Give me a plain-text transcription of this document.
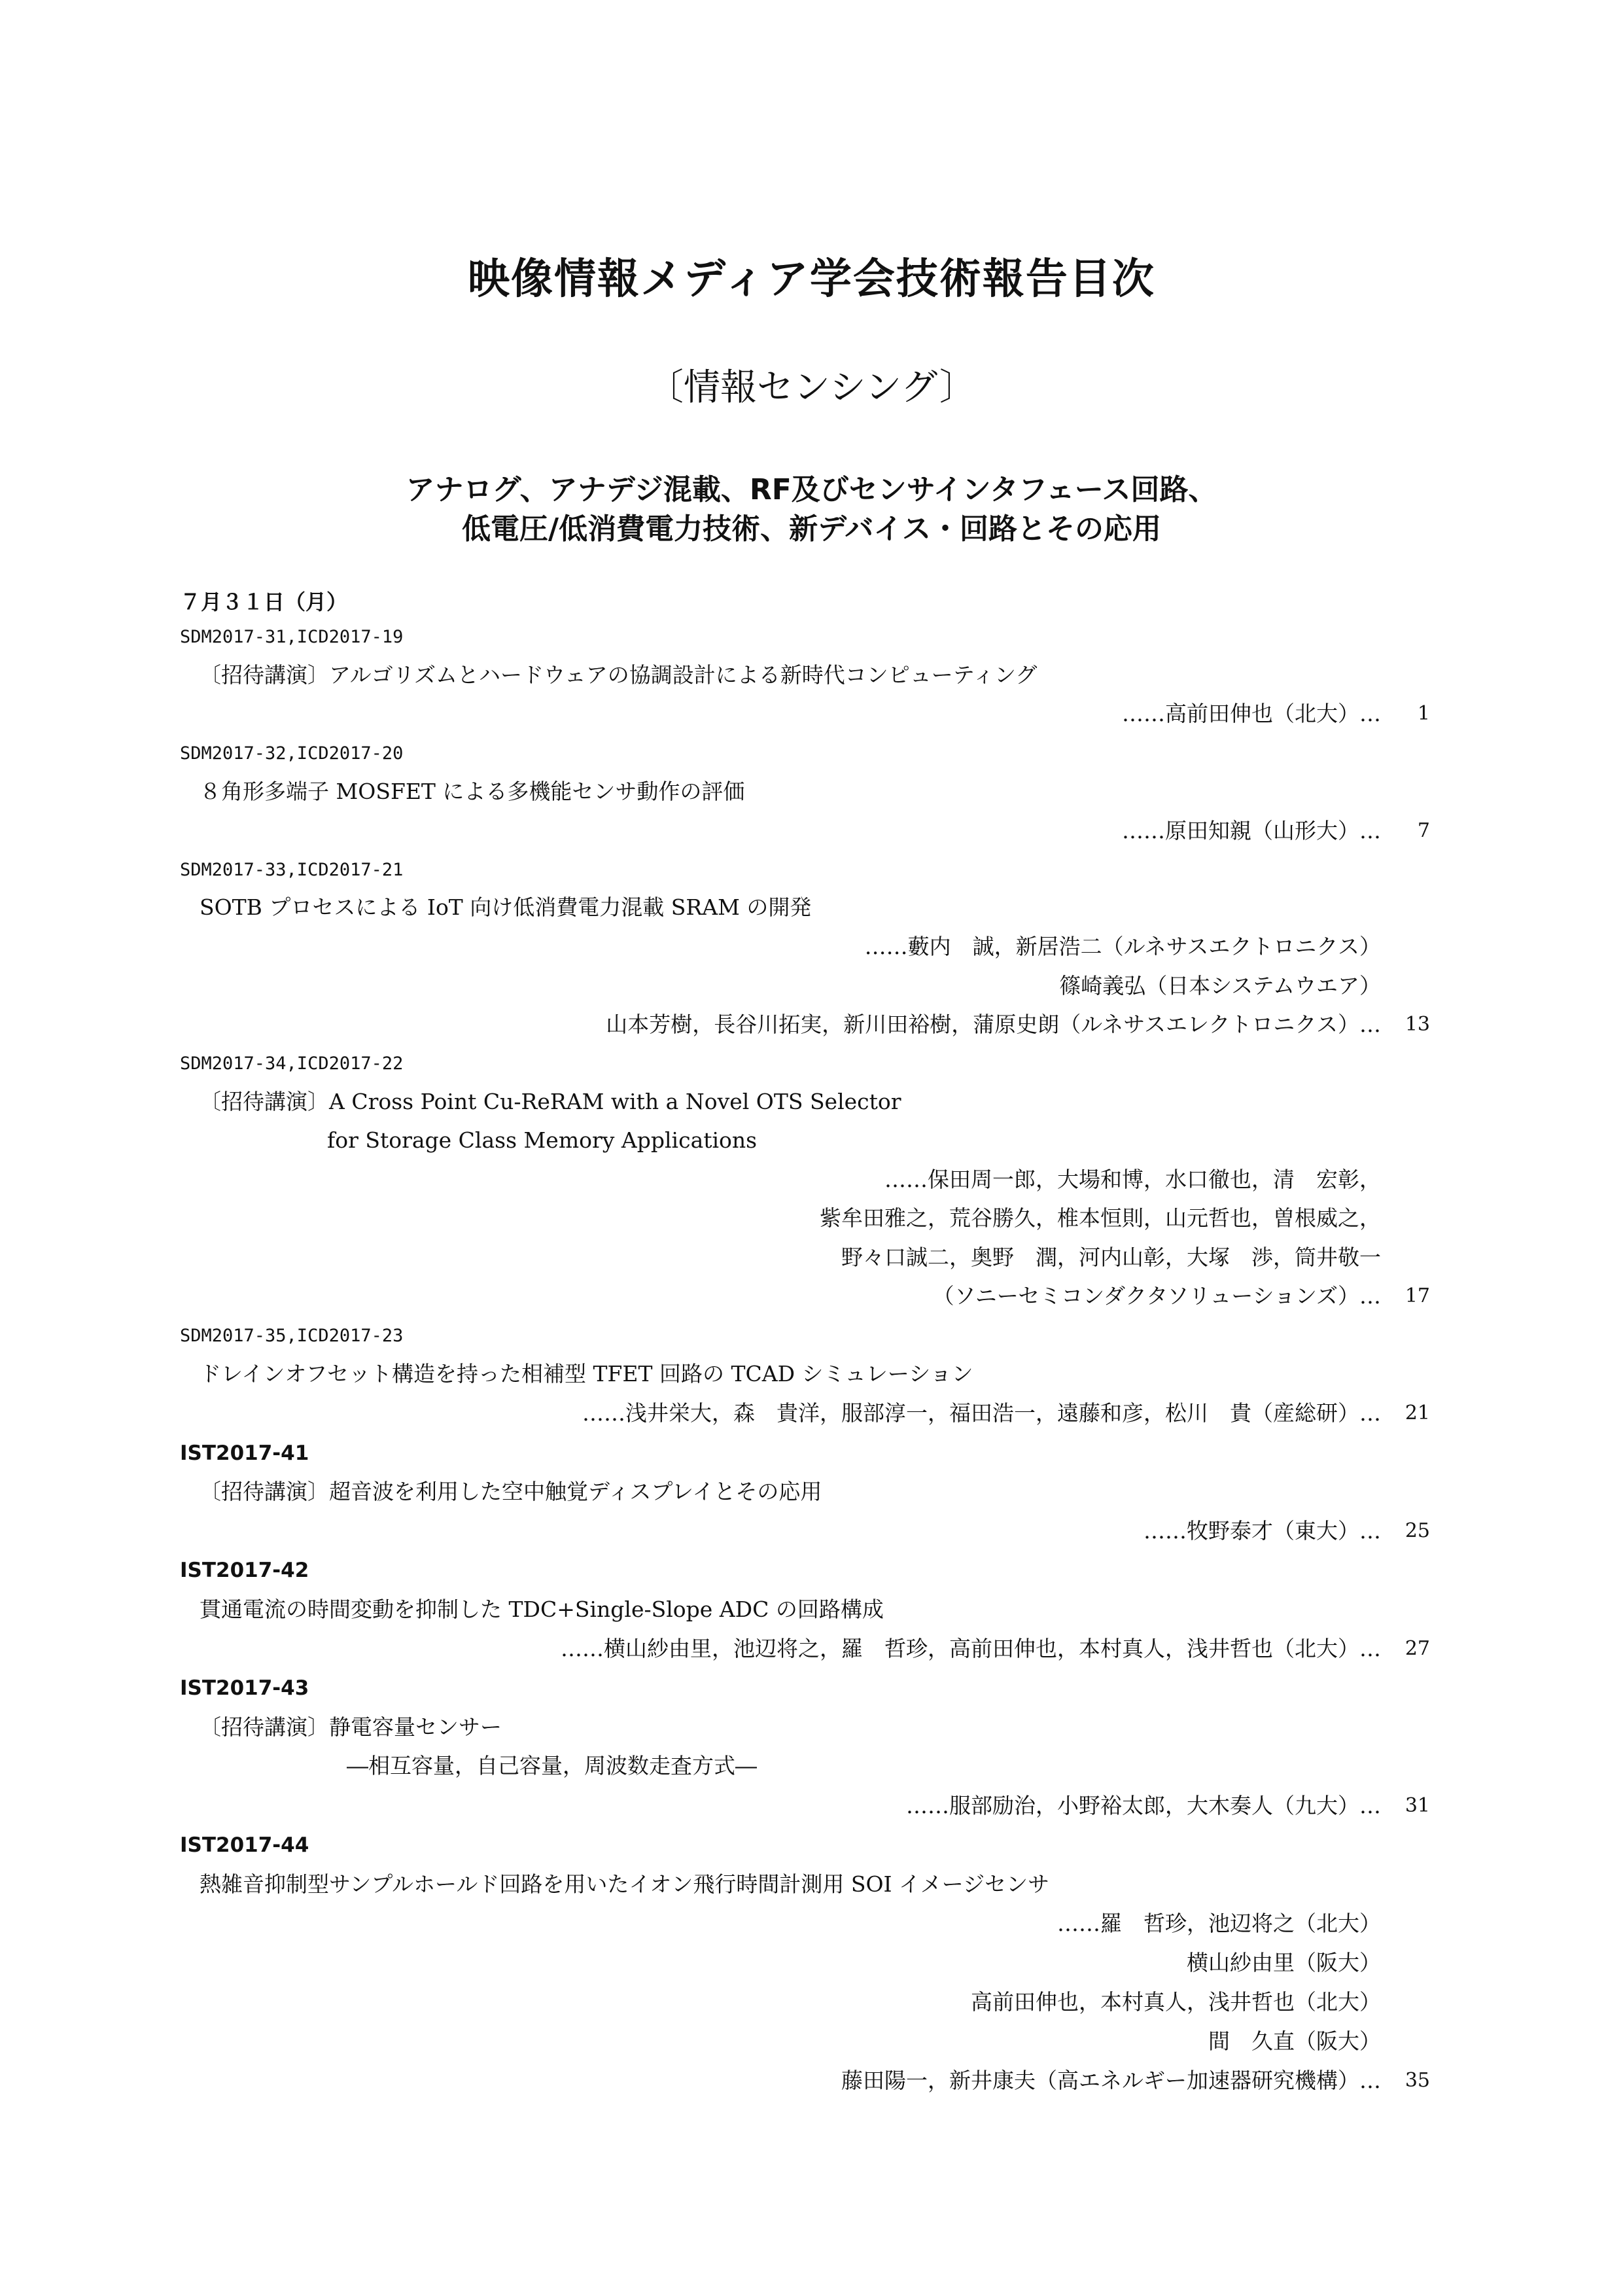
映像情報メディア学会技術報告目次
〔情報センシング〕
アナログ、アナデジ混載、RF及びセンサインタフェース回路、
低電圧/低消費電力技術、新デバイス・回路とその応用
７月３１日（月）
SDM2017-31,ICD2017-19
〔招待講演〕アルゴリズムとハードウェアの協調設計による新時代コンピューティング
……高前田伸也（北大）…	1
SDM2017-32,ICD2017-20
８角形多端子 MOSFET による多機能センサ動作の評価
……原田知親（山形大）…	7
SDM2017-33,ICD2017-21
SOTB プロセスによる IoT 向け低消費電力混載 SRAM の開発
……藪内　誠，新居浩二（ルネサスエクトロニクス）
篠崎義弘（日本システムウエア）
山本芳樹，長谷川拓実，新川田裕樹，蒲原史朗（ルネサスエレクトロニクス）…	13
SDM2017-34,ICD2017-22
〔招待講演〕A Cross Point Cu-ReRAM with a Novel OTS Selector
for Storage Class Memory Applications
……保田周一郎，大場和博，水口徹也，清　宏彰，
紫牟田雅之，荒谷勝久，椎本恒則，山元哲也，曽根威之，
野々口誠二，奥野　潤，河内山彰，大塚　渉，筒井敬一
（ソニーセミコンダクタソリューションズ）…	17
SDM2017-35,ICD2017-23
ドレインオフセット構造を持った相補型 TFET 回路の TCAD シミュレーション
……浅井栄大，森　貴洋，服部淳一，福田浩一，遠藤和彦，松川　貴（産総研）…	21
IST2017-41
〔招待講演〕超音波を利用した空中触覚ディスプレイとその応用
……牧野泰才（東大）…	25
IST2017-42
貫通電流の時間変動を抑制した TDC+Single-Slope ADC の回路構成
……横山紗由里，池辺将之，羅　哲珍，高前田伸也，本村真人，浅井哲也（北大）…	27
IST2017-43
〔招待講演〕静電容量センサー
―相互容量，自己容量，周波数走査方式―
……服部励治，小野裕太郎，大木奏人（九大）…	31
IST2017-44
熱雑音抑制型サンプルホールド回路を用いたイオン飛行時間計測用 SOI イメージセンサ
……羅　哲珍，池辺将之（北大）
横山紗由里（阪大）
高前田伸也，本村真人，浅井哲也（北大）
間　久直（阪大）
藤田陽一，新井康夫（高エネルギー加速器研究機構）…	35
